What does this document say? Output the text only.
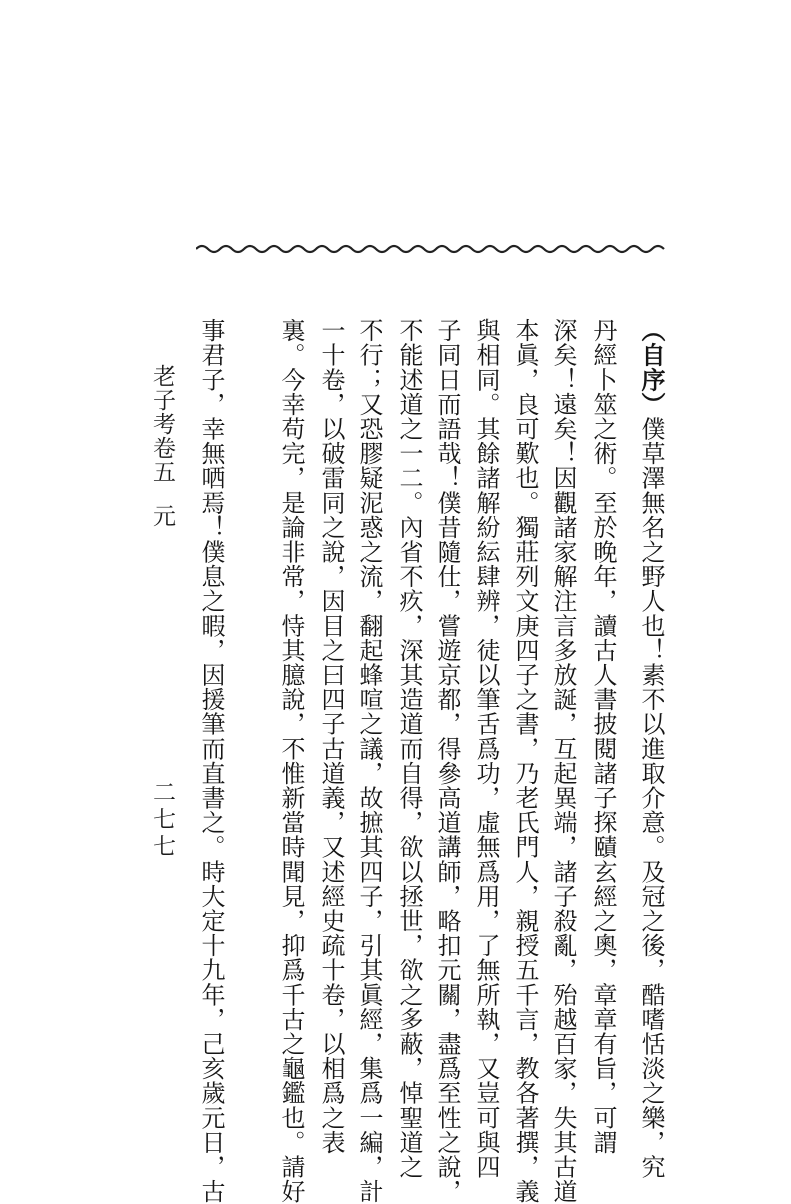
（自序）僕草澤無名之野人也！素不以進取介意。及冠之後，酷嗜恬淡之樂，究
丹經卜筮之術。至於晚年，讀古人書披閱諸子探賾玄經之奧，章章有旨，可謂
深矣！遠矣！因觀諸家解注言多放誕，互起異端，諸子殺亂，殆越百家，失其古道
本眞，良可歎也。獨莊列文庚四子之書，乃老氏門人，親授五千言，教各著撰，義
與相同。其餘諸解紛紜肆辨，徒以筆舌爲功，虛無爲用，了無所執，又豈可與四
子同日而語哉！僕昔隨仕，嘗遊京都，得參高道講師，略扣元關，盡爲至性之說，
不能述道之一二。內省不疚，深其造道而自得，欲以拯世，欲之多蔽，悼聖道之
不行；又恐膠疑泥惑之流，翻起蜂喧之議，故摭其四子，引其眞經，集爲一編，計
一十卷，以破雷同之說，因目之曰四子古道義，又述經史疏十卷，以相爲之表
裏。今幸苟完，是論非常，恃其臆說，不惟新當時聞見，抑爲千古之龜鑑也。請好
事君子，幸無哂焉！僕息之暇，因援筆而直書之。時大定十九年，己亥歲元日，古
老子考卷五元
二七七
